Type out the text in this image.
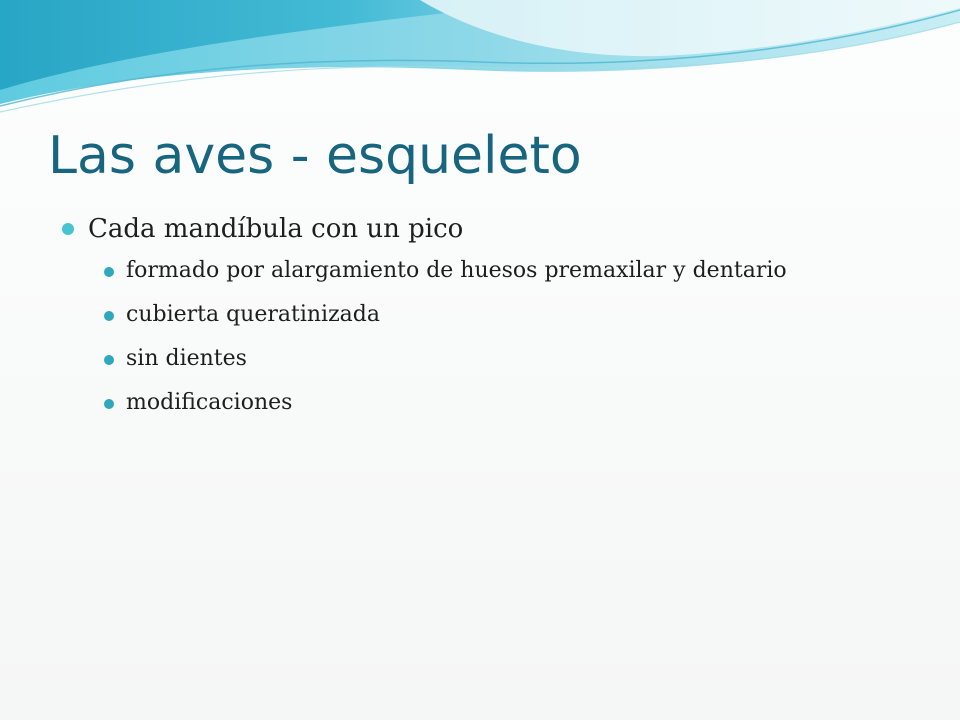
Las aves - esqueleto
Cada mandíbula con un pico
formado por alargamiento de huesos premaxilar y dentario
cubierta queratinizada
sin dientes
modificaciones
